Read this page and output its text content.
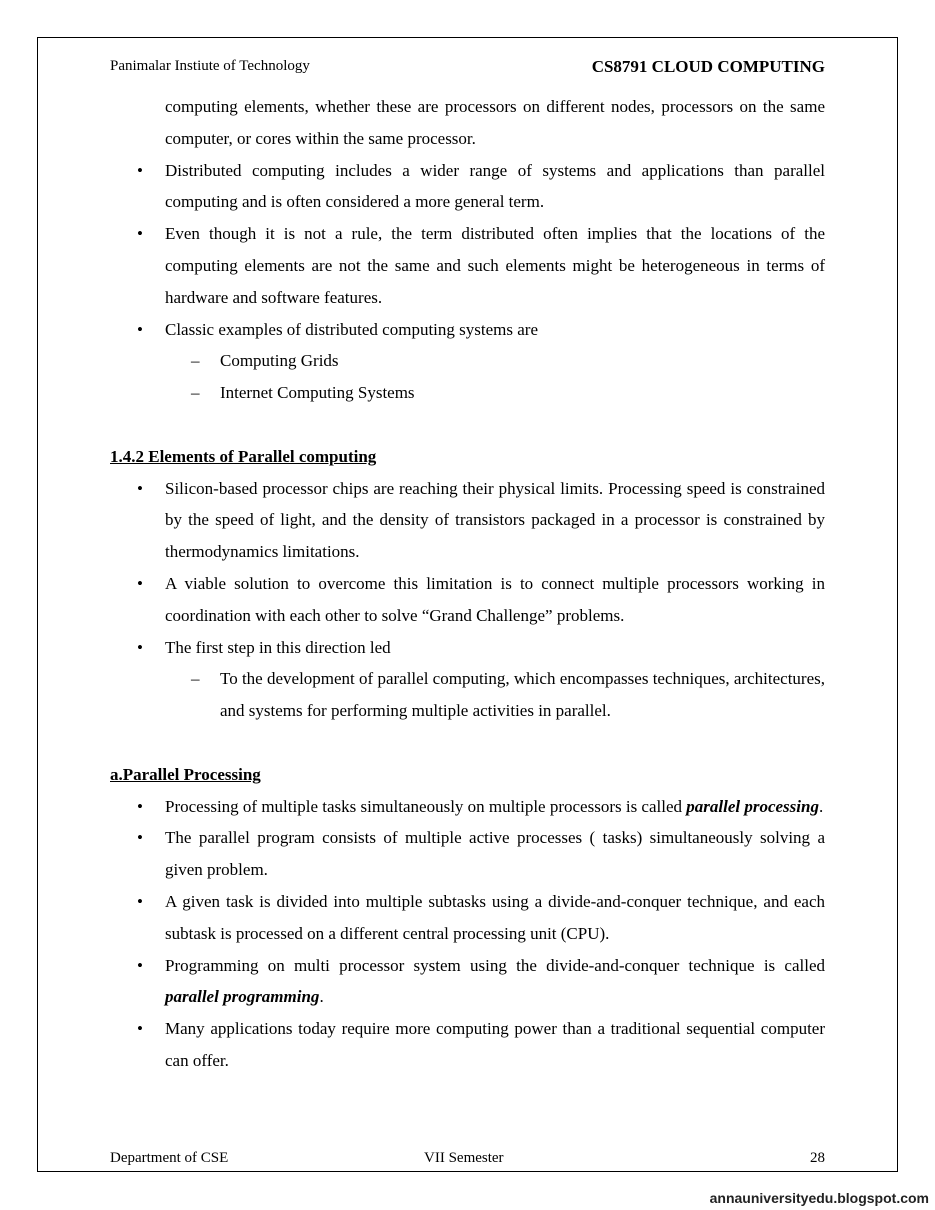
Panimalar Instiute of Technology	CS8791 CLOUD COMPUTING

computing elements, whether these are processors on different nodes, processors on the same computer, or cores within the same processor.

• Distributed computing includes a wider range of systems and applications than parallel computing and is often considered a more general term.
• Even though it is not a rule, the term distributed often implies that the locations of the computing elements are not the same and such elements might be heterogeneous in terms of hardware and software features.
• Classic examples of distributed computing systems are
– Computing Grids
– Internet Computing Systems
1.4.2 Elements of Parallel computing
• Silicon-based processor chips are reaching their physical limits. Processing speed is constrained by the speed of light, and the density of transistors packaged in a processor is constrained by thermodynamics limitations.
• A viable solution to overcome this limitation is to connect multiple processors working in coordination with each other to solve “Grand Challenge” problems.
• The first step in this direction led
– To the development of parallel computing, which encompasses techniques, architectures, and systems for performing multiple activities in parallel.
a.Parallel Processing
• Processing of multiple tasks simultaneously on multiple processors is called parallel processing.
• The parallel program consists of multiple active processes ( tasks) simultaneously solving a given problem.
• A given task is divided into multiple subtasks using a divide-and-conquer technique, and each subtask is processed on a different central processing unit (CPU).
• Programming on multi processor system using the divide-and-conquer technique is called parallel programming.
• Many applications today require more computing power than a traditional sequential computer can offer.
Department of CSE	VII Semester	28
annauniversityedu.blogspot.com
